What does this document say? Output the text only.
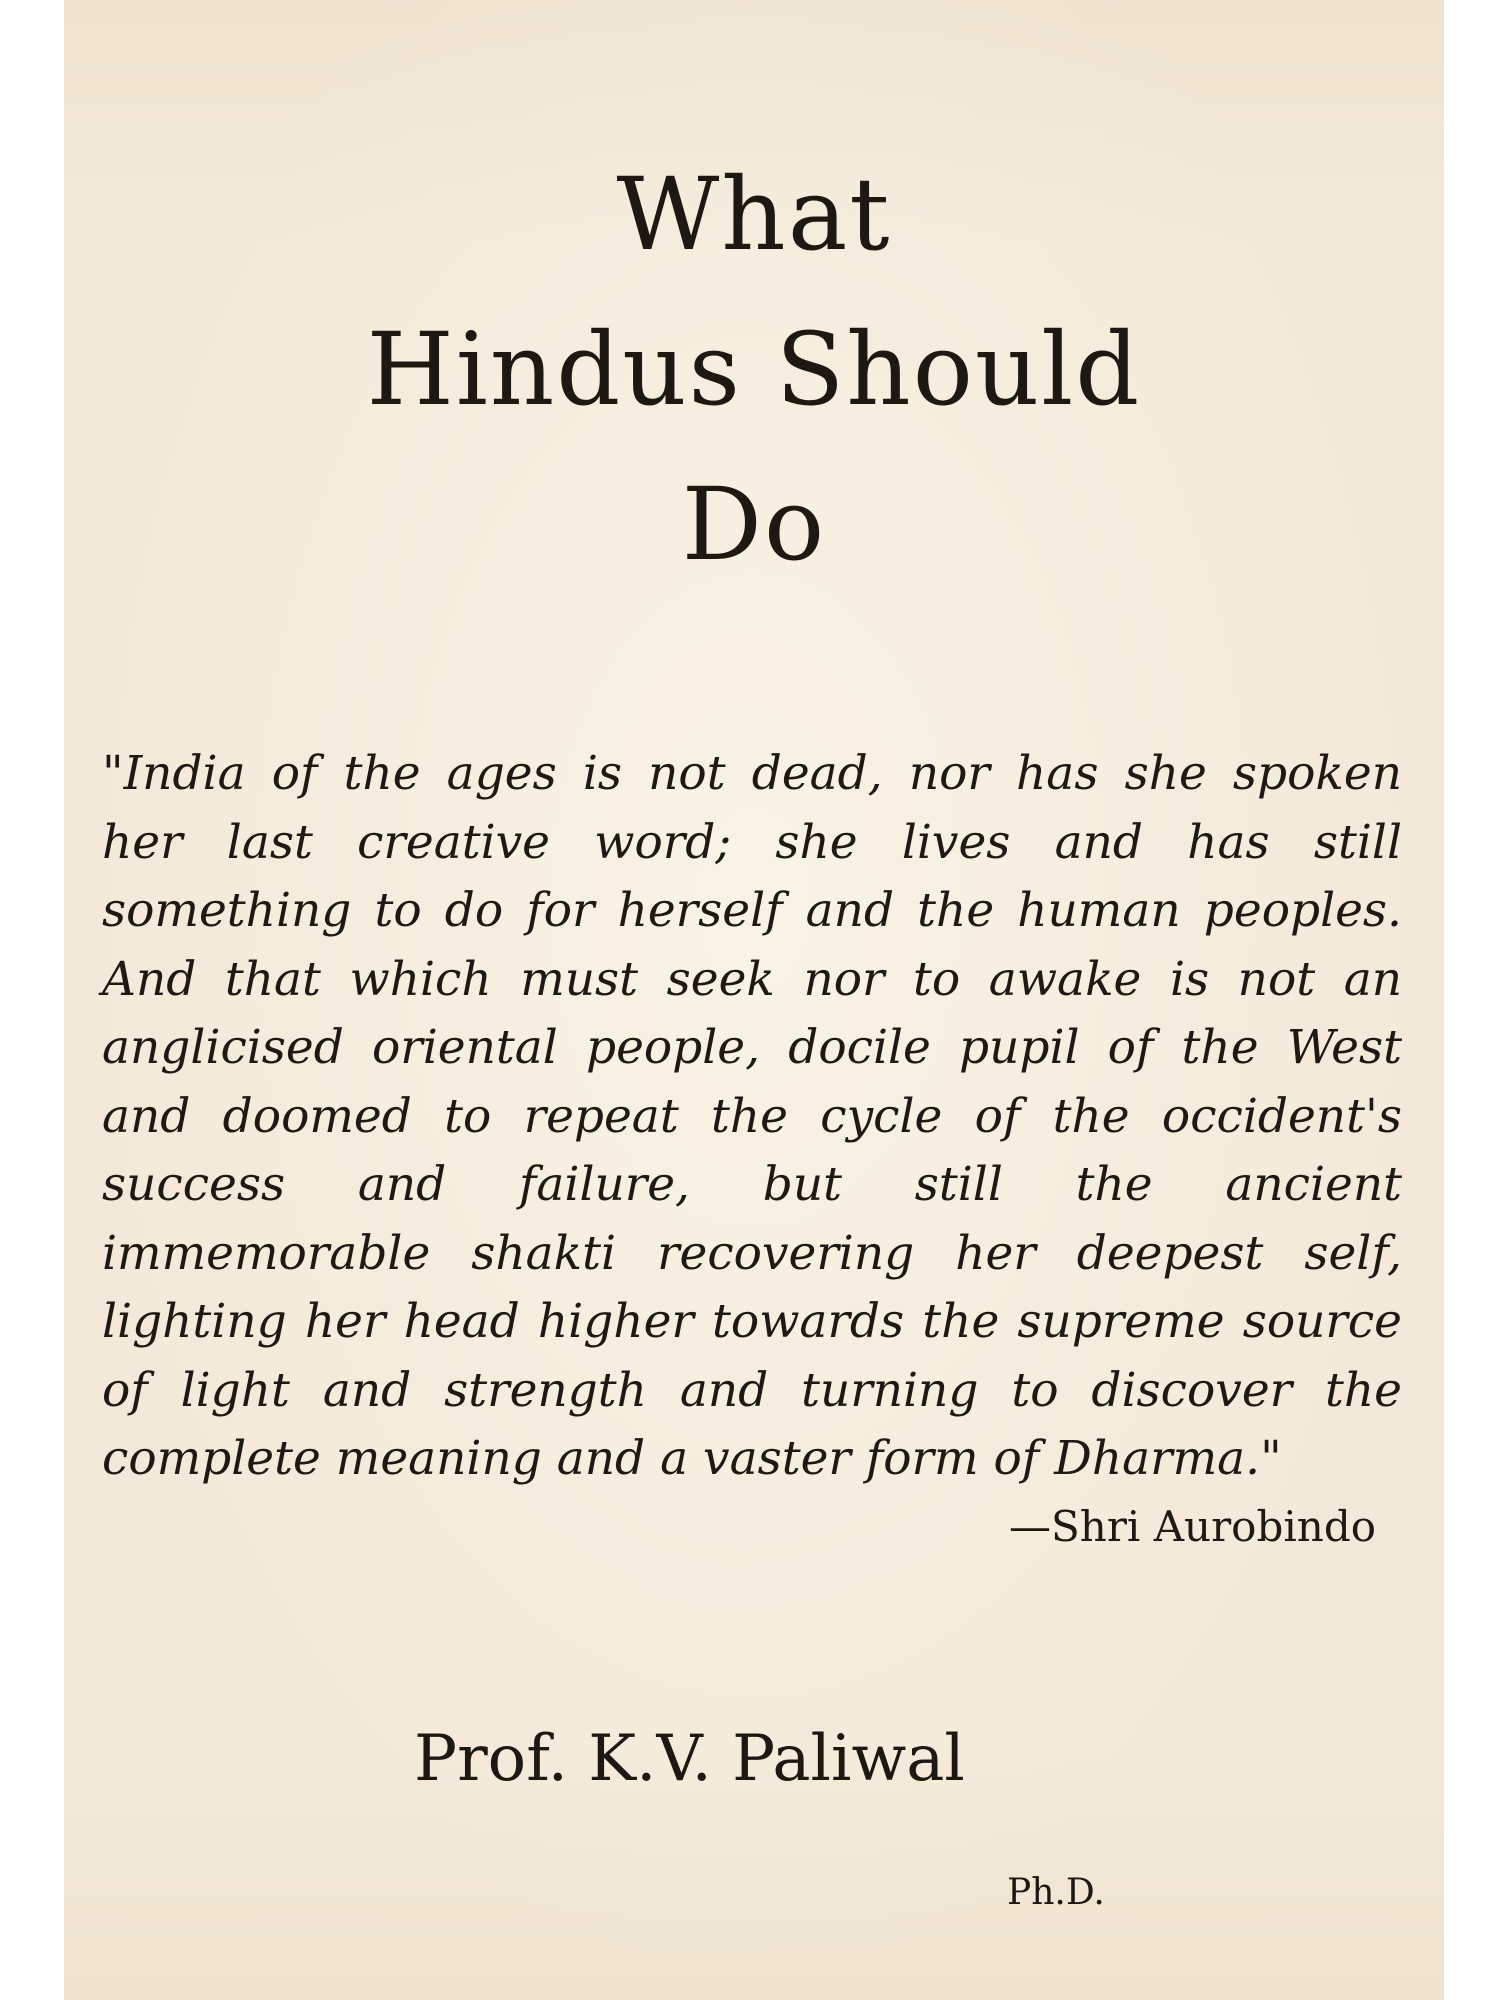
What
Hindus Should
Do
"India of the ages is not dead, nor has she spoken
her last creative word; she lives and has still
something to do for herself and the human peoples.
And that which must seek nor to awake is not an
anglicised oriental people, docile pupil of the West
and doomed to repeat the cycle of the occident's
success and failure, but still the ancient
immemorable shakti recovering her deepest self,
lighting her head higher towards the supreme source
of light and strength and turning to discover the
complete meaning and a vaster form of Dharma."
—Shri Aurobindo
Prof. K.V. Paliwal
Ph.D.
